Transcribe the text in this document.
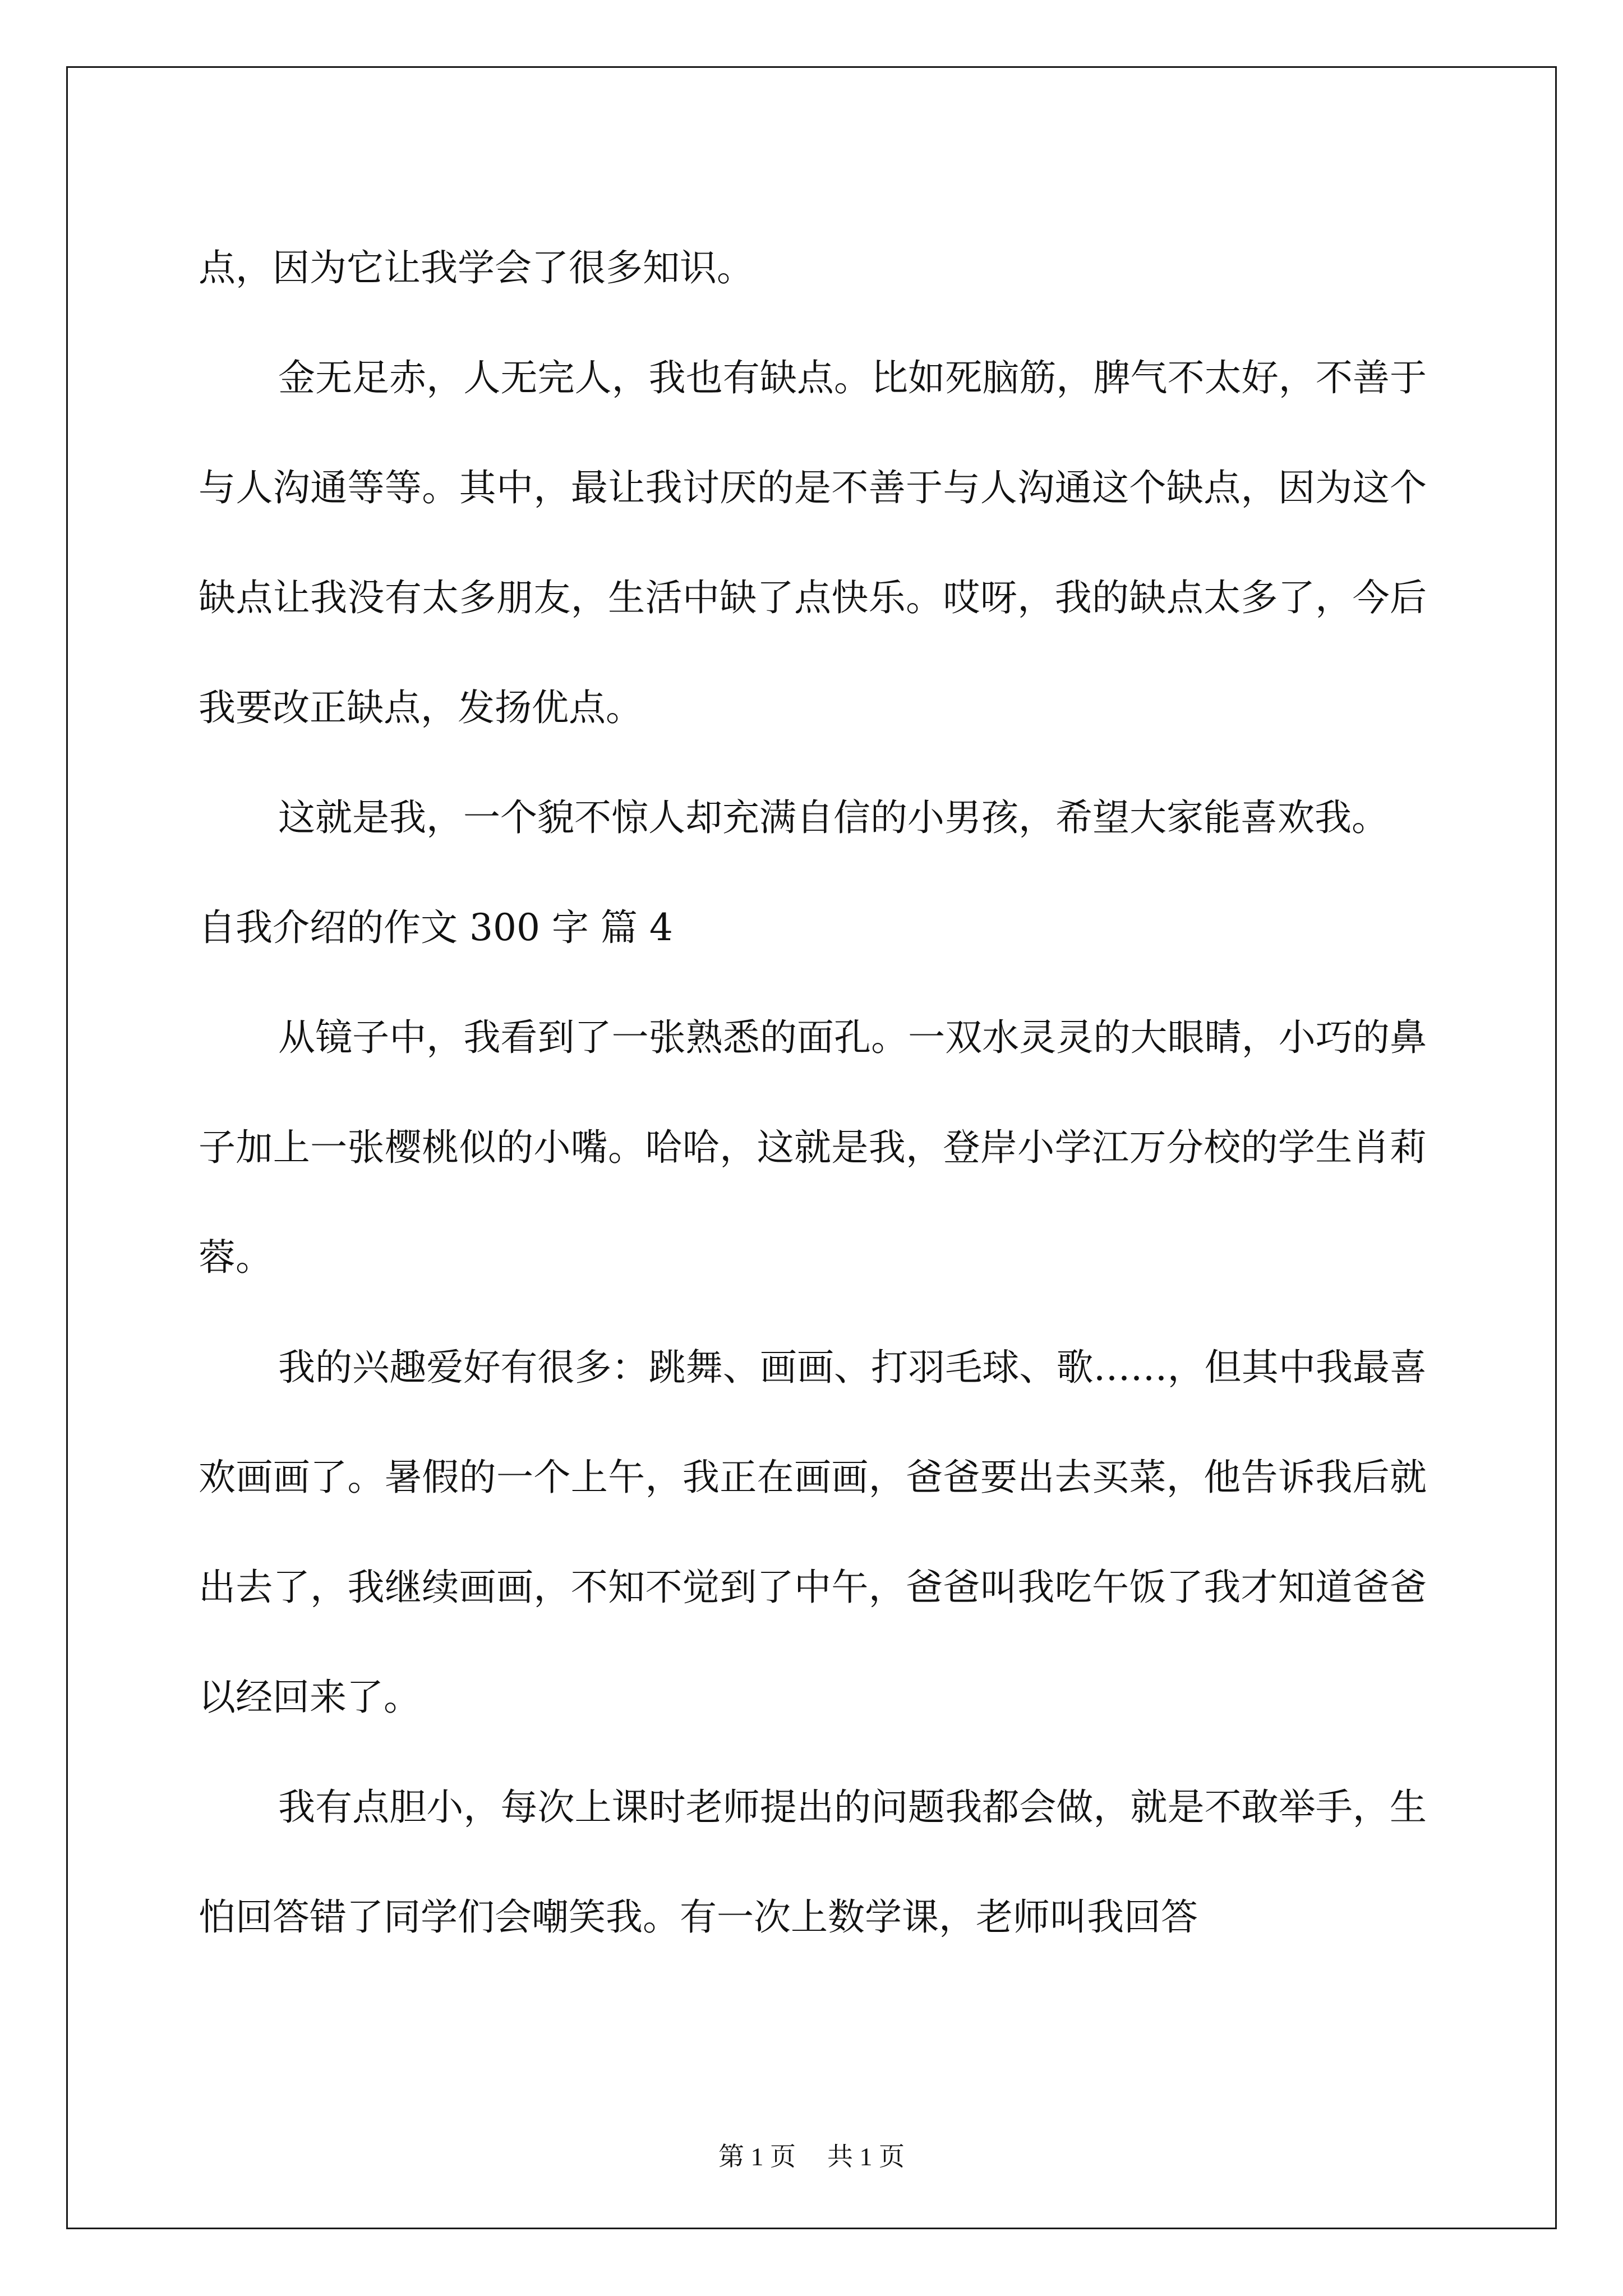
点，因为它让我学会了很多知识。

金无足赤，人无完人，我也有缺点。比如死脑筋，脾气不太好，不善于与人沟通等等。其中，最让我讨厌的是不善于与人沟通这个缺点，因为这个缺点让我没有太多朋友，生活中缺了点快乐。哎呀，我的缺点太多了，今后我要改正缺点，发扬优点。

这就是我，一个貌不惊人却充满自信的小男孩，希望大家能喜欢我。

自我介绍的作文 300 字 篇 4

从镜子中，我看到了一张熟悉的面孔。一双水灵灵的大眼睛，小巧的鼻子加上一张樱桃似的小嘴。哈哈，这就是我，登岸小学江万分校的学生肖莉蓉。

我的兴趣爱好有很多：跳舞、画画、打羽毛球、歌……，但其中我最喜欢画画了。暑假的一个上午，我正在画画，爸爸要出去买菜，他告诉我后就出去了，我继续画画，不知不觉到了中午，爸爸叫我吃午饭了我才知道爸爸以经回来了。

我有点胆小，每次上课时老师提出的问题我都会做，就是不敢举手，生怕回答错了同学们会嘲笑我。有一次上数学课，老师叫我回答

第 1 页 共 1 页
